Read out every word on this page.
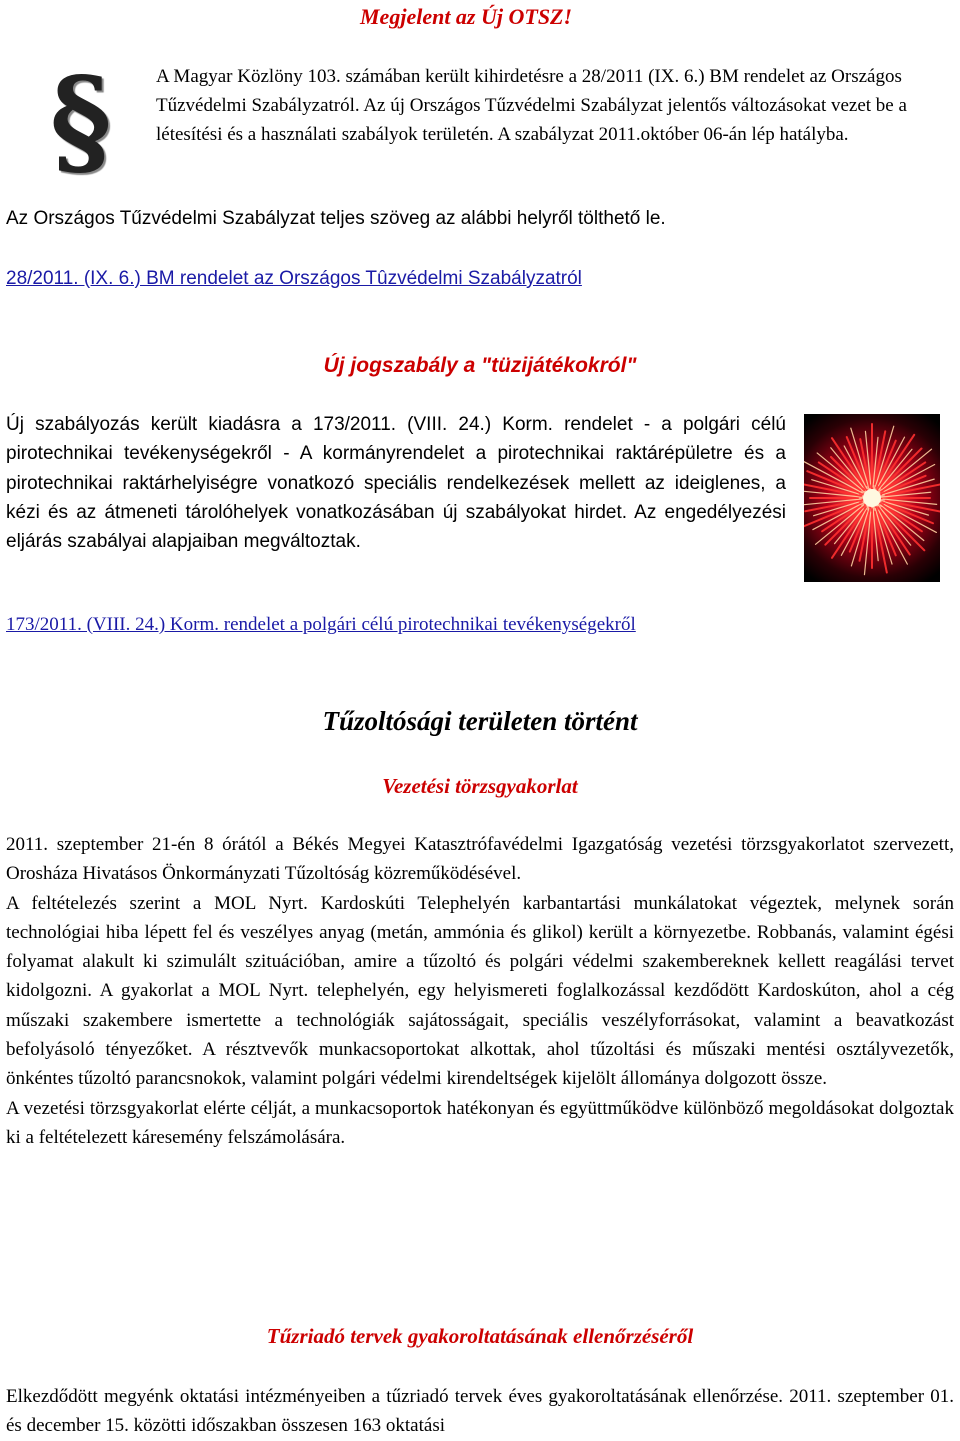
Megjelent az Új OTSZ!
§ A Magyar Közlöny 103. számában került kihirdetésre a 28/2011 (IX. 6.) BM rendelet az Országos Tűzvédelmi Szabályzatról. Az új Országos Tűzvédelmi Szabályzat jelentős változásokat vezet be a létesítési és a használati szabályok területén. A szabályzat 2011.október 06-án lép hatályba.
Az Országos Tűzvédelmi Szabályzat teljes szöveg az alábbi helyről tölthető le.
28/2011. (IX. 6.) BM rendelet az Országos Tûzvédelmi Szabályzatról
Új jogszabály a "tüzijátékokról"
Új szabályozás került kiadásra a 173/2011. (VIII. 24.) Korm. rendelet - a polgári célú pirotechnikai tevékenységekről - A kormányrendelet a pirotechnikai raktárépületre és a pirotechnikai raktárhelyiségre vonatkozó speciális rendelkezések mellett az ideiglenes, a kézi és az átmeneti tárolóhelyek vonatkozásában új szabályokat hirdet. Az engedélyezési eljárás szabályai alapjaiban megváltoztak.
173/2011. (VIII. 24.) Korm. rendelet a polgári célú pirotechnikai tevékenységekről
Tűzoltósági területen történt
Vezetési törzsgyakorlat

2011. szeptember 21-én 8 órától a Békés Megyei Katasztrófavédelmi Igazgatóság vezetési törzsgyakorlatot szervezett, Orosháza Hivatásos Önkormányzati Tűzoltóság közreműködésével.

A feltételezés szerint a MOL Nyrt. Kardoskúti Telephelyén karbantartási munkálatokat végeztek, melynek során technológiai hiba lépett fel és veszélyes anyag (metán, ammónia és glikol) került a környezetbe. Robbanás, valamint égési folyamat alakult ki szimulált szituációban, amire a tűzoltó és polgári védelmi szakembereknek kellett reagálási tervet kidolgozni. A gyakorlat a MOL Nyrt. telephelyén, egy helyismereti foglalkozással kezdődött Kardoskúton, ahol a cég műszaki szakembere ismertette a technológiák sajátosságait, speciális veszélyforrásokat, valamint a beavatkozást befolyásoló tényezőket. A résztvevők munkacsoportokat alkottak, ahol tűzoltási és műszaki mentési osztályvezetők, önkéntes tűzoltó parancsnokok, valamint polgári védelmi kirendeltségek kijelölt állománya dolgozott össze.

A vezetési törzsgyakorlat elérte célját, a munkacsoportok hatékonyan és együttműködve különböző megoldásokat dolgoztak ki a feltételezett káresemény felszámolására.

Tűzriadó tervek gyakoroltatásának ellenőrzéséről

Elkezdődött megyénk oktatási intézményeiben a tűzriadó tervek éves gyakoroltatásának ellenőrzése. 2011. szeptember 01. és december 15. közötti időszakban összesen 163 oktatási
